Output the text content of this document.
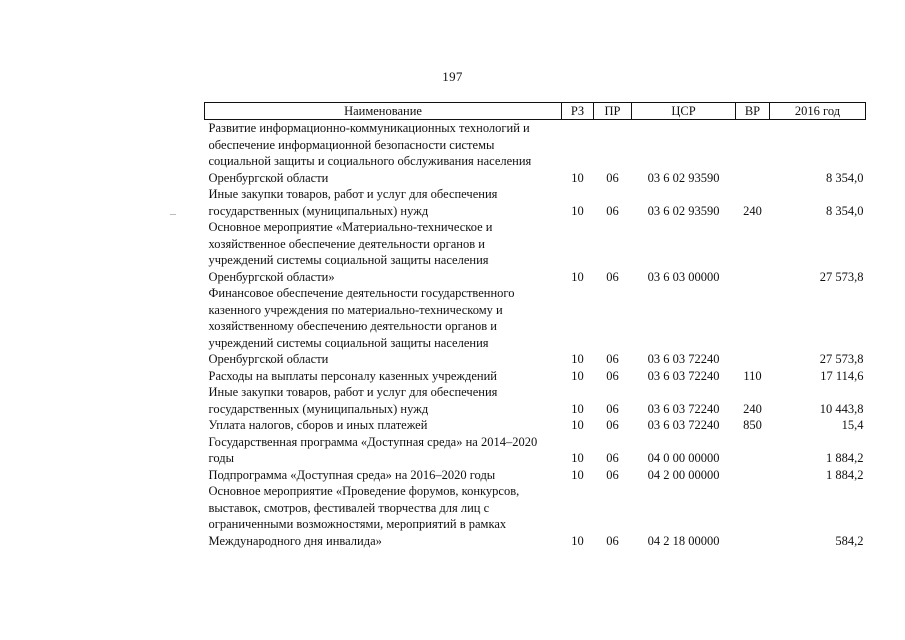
197
Наименование	РЗ	ПР	ЦСР	ВР	2016 год
Развитие информационно-коммуникационных технологий и
обеспечение информационной безопасности системы
социальной защиты и социального обслуживания населения
Оренбургской области	10	06	03 6 02 93590		8 354,0
Иные закупки товаров, работ и услуг для обеспечения
государственных (муниципальных) нужд	10	06	03 6 02 93590	240	8 354,0
Основное мероприятие «Материально-техническое и
хозяйственное обеспечение деятельности органов и
учреждений системы социальной защиты населения
Оренбургской области»	10	06	03 6 03 00000		27 573,8
Финансовое обеспечение деятельности государственного
казенного учреждения по материально-техническому и
хозяйственному обеспечению деятельности органов и
учреждений системы социальной защиты населения
Оренбургской области	10	06	03 6 03 72240		27 573,8
Расходы на выплаты персоналу казенных учреждений	10	06	03 6 03 72240	110	17 114,6
Иные закупки товаров, работ и услуг для обеспечения
государственных (муниципальных) нужд	10	06	03 6 03 72240	240	10 443,8
Уплата налогов, сборов и иных платежей	10	06	03 6 03 72240	850	15,4
Государственная программа «Доступная среда» на 2014–2020
годы	10	06	04 0 00 00000		1 884,2
Подпрограмма «Доступная среда» на 2016–2020 годы	10	06	04 2 00 00000		1 884,2
Основное мероприятие «Проведение форумов, конкурсов,
выставок, смотров, фестивалей творчества для лиц с
ограниченными возможностями, мероприятий в рамках
Международного дня инвалида»	10	06	04 2 18 00000		584,2
